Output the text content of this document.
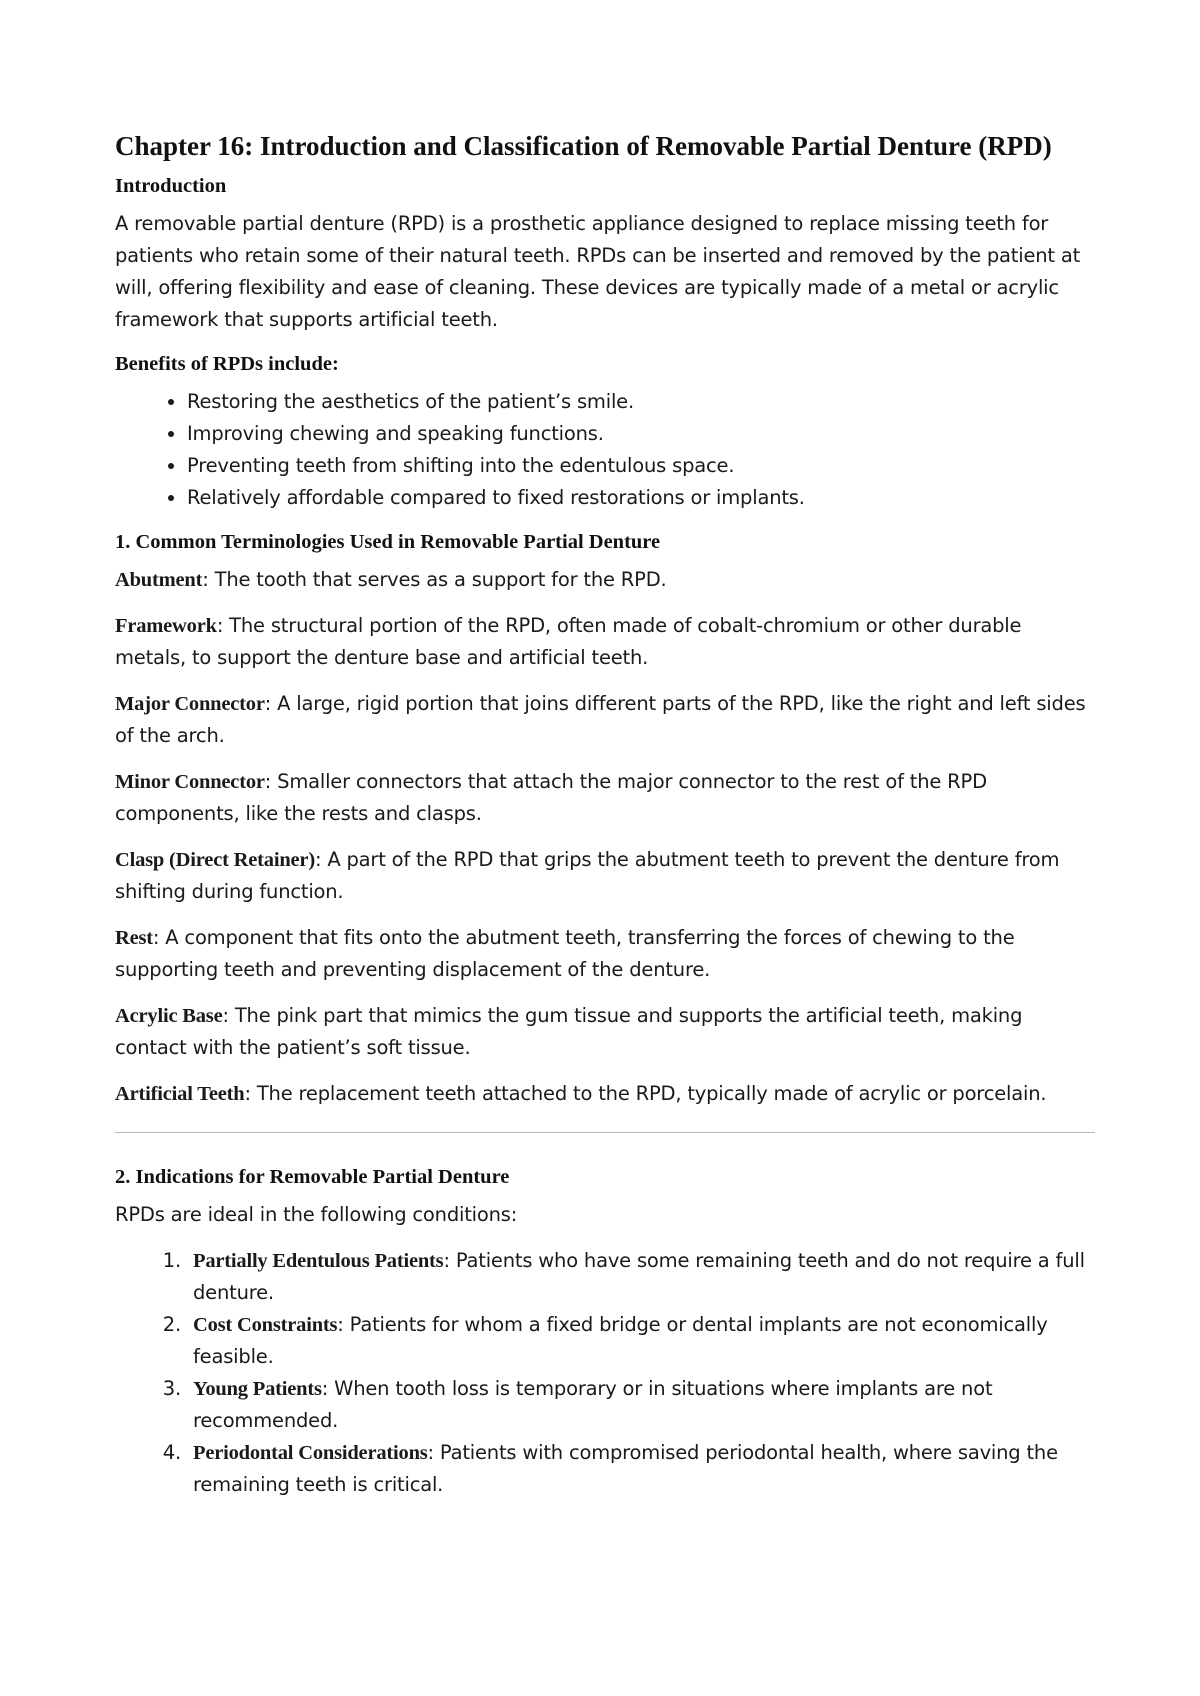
Chapter 16: Introduction and Classification of Removable Partial Denture (RPD)
Introduction

A removable partial denture (RPD) is a prosthetic appliance designed to replace missing teeth for patients who retain some of their natural teeth. RPDs can be inserted and removed by the patient at will, offering flexibility and ease of cleaning. These devices are typically made of a metal or acrylic framework that supports artificial teeth.

Benefits of RPDs include:
• Restoring the aesthetics of the patient’s smile.
• Improving chewing and speaking functions.
• Preventing teeth from shifting into the edentulous space.
• Relatively affordable compared to fixed restorations or implants.
1. Common Terminologies Used in Removable Partial Denture

Abutment: The tooth that serves as a support for the RPD.

Framework: The structural portion of the RPD, often made of cobalt-chromium or other durable metals, to support the denture base and artificial teeth.

Major Connector: A large, rigid portion that joins different parts of the RPD, like the right and left sides of the arch.

Minor Connector: Smaller connectors that attach the major connector to the rest of the RPD components, like the rests and clasps.

Clasp (Direct Retainer): A part of the RPD that grips the abutment teeth to prevent the denture from shifting during function.

Rest: A component that fits onto the abutment teeth, transferring the forces of chewing to the supporting teeth and preventing displacement of the denture.

Acrylic Base: The pink part that mimics the gum tissue and supports the artificial teeth, making contact with the patient’s soft tissue.

Artificial Teeth: The replacement teeth attached to the RPD, typically made of acrylic or porcelain.

2. Indications for Removable Partial Denture

RPDs are ideal in the following conditions:

1. Partially Edentulous Patients: Patients who have some remaining teeth and do not require a full denture.
2. Cost Constraints: Patients for whom a fixed bridge or dental implants are not economically feasible.
3. Young Patients: When tooth loss is temporary or in situations where implants are not recommended.
4. Periodontal Considerations: Patients with compromised periodontal health, where saving the remaining teeth is critical.
